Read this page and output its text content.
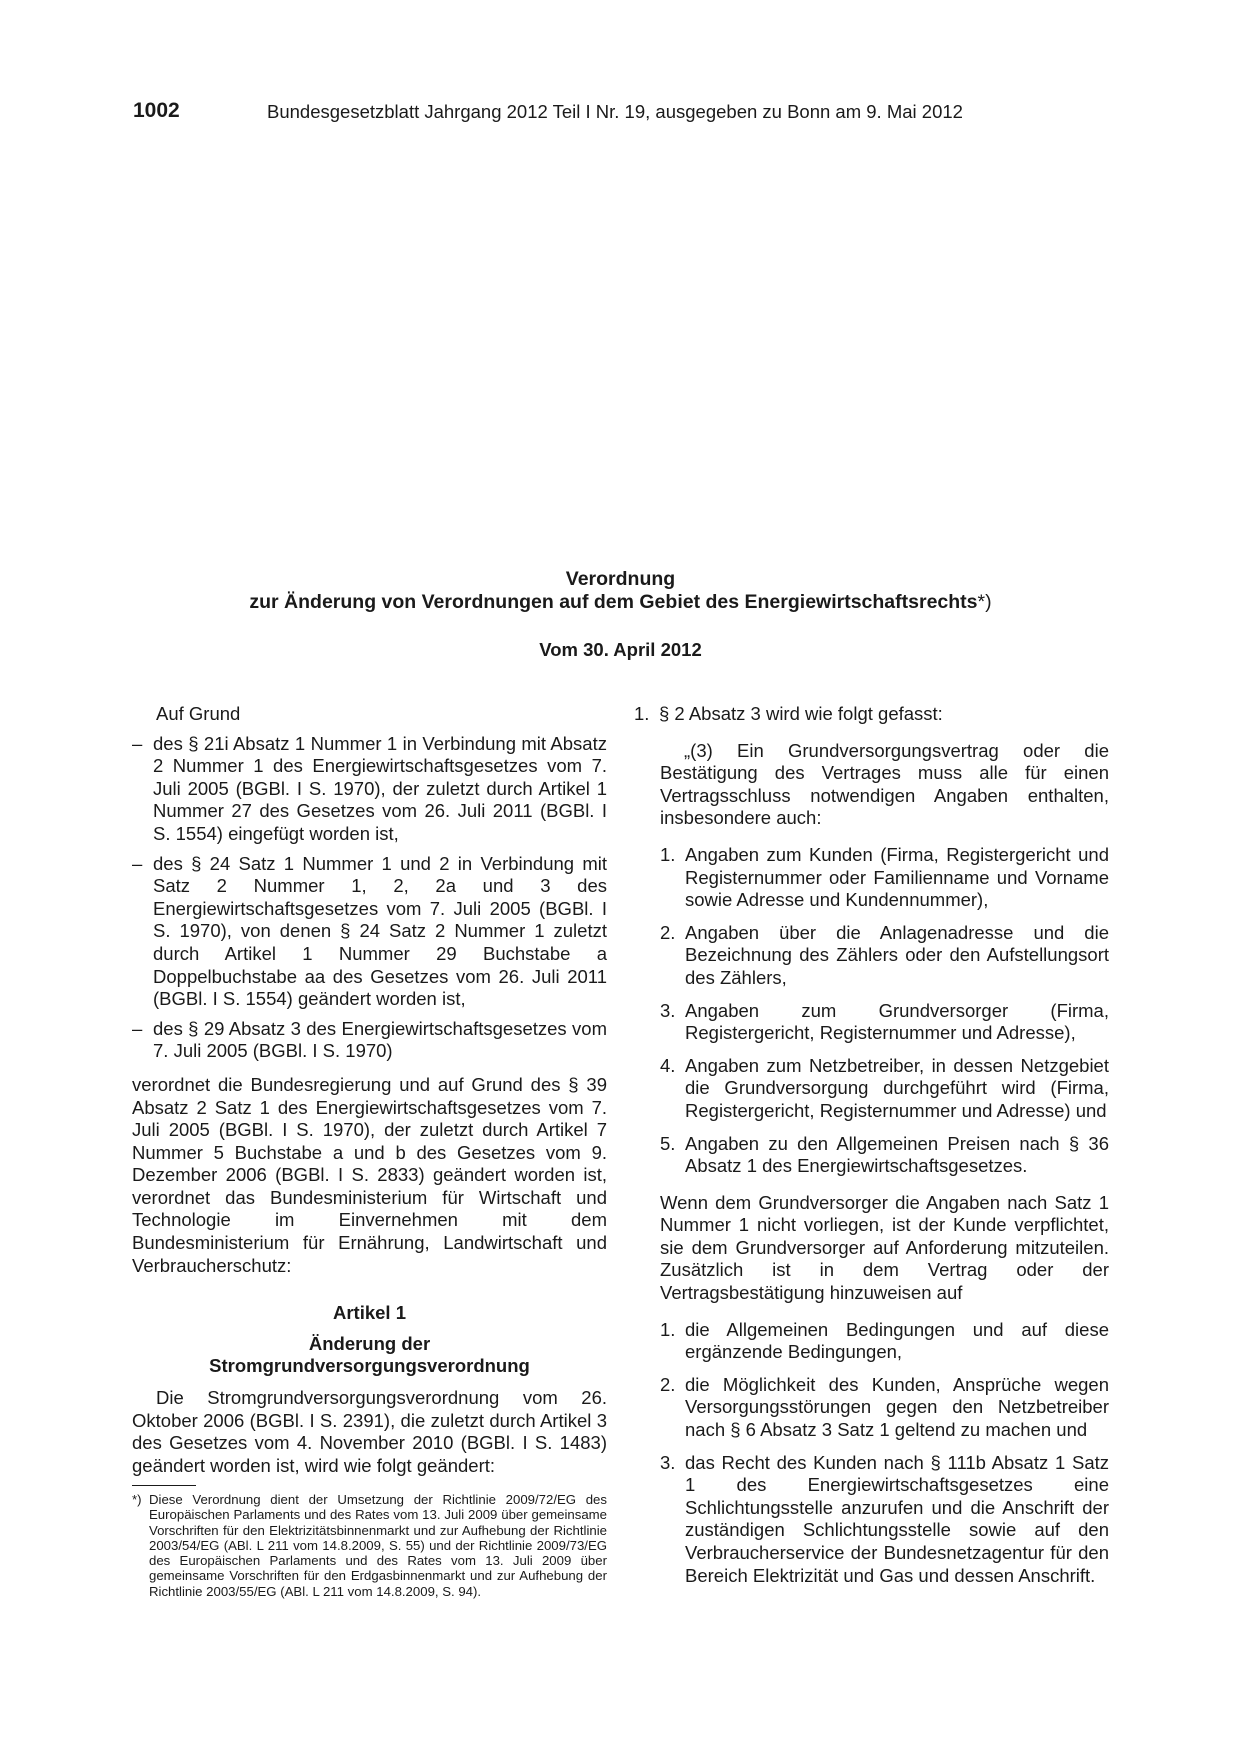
1002	Bundesgesetzblatt Jahrgang 2012 Teil I Nr. 19, ausgegeben zu Bonn am 9. Mai 2012
Verordnung
zur Änderung von Verordnungen auf dem Gebiet des Energiewirtschaftsrechts*)
Vom 30. April 2012

Auf Grund

– des § 21i Absatz 1 Nummer 1 in Verbindung mit Absatz 2 Nummer 1 des Energiewirtschaftsgesetzes vom 7. Juli 2005 (BGBl. I S. 1970), der zuletzt durch Artikel 1 Nummer 27 des Gesetzes vom 26. Juli 2011 (BGBl. I S. 1554) eingefügt worden ist,
– des § 24 Satz 1 Nummer 1 und 2 in Verbindung mit Satz 2 Nummer 1, 2, 2a und 3 des Energiewirtschaftsgesetzes vom 7. Juli 2005 (BGBl. I S. 1970), von denen § 24 Satz 2 Nummer 1 zuletzt durch Artikel 1 Nummer 29 Buchstabe a Doppelbuchstabe aa des Gesetzes vom 26. Juli 2011 (BGBl. I S. 1554) geändert worden ist,
– des § 29 Absatz 3 des Energiewirtschaftsgesetzes vom 7. Juli 2005 (BGBl. I S. 1970)

verordnet die Bundesregierung und auf Grund des § 39 Absatz 2 Satz 1 des Energiewirtschaftsgesetzes vom 7. Juli 2005 (BGBl. I S. 1970), der zuletzt durch Artikel 7 Nummer 5 Buchstabe a und b des Gesetzes vom 9. Dezember 2006 (BGBl. I S. 2833) geändert worden ist, verordnet das Bundesministerium für Wirtschaft und Technologie im Einvernehmen mit dem Bundesministerium für Ernährung, Landwirtschaft und Verbraucherschutz:

Artikel 1
Änderung der
Stromgrundversorgungsverordnung

Die Stromgrundversorgungsverordnung vom 26. Oktober 2006 (BGBl. I S. 2391), die zuletzt durch Artikel 3 des Gesetzes vom 4. November 2010 (BGBl. I S. 1483) geändert worden ist, wird wie folgt geändert:

*) Diese Verordnung dient der Umsetzung der Richtlinie 2009/72/EG des Europäischen Parlaments und des Rates vom 13. Juli 2009 über gemeinsame Vorschriften für den Elektrizitätsbinnenmarkt und zur Aufhebung der Richtlinie 2003/54/EG (ABl. L 211 vom 14.8.2009, S. 55) und der Richtlinie 2009/73/EG des Europäischen Parlaments und des Rates vom 13. Juli 2009 über gemeinsame Vorschriften für den Erdgasbinnenmarkt und zur Aufhebung der Richtlinie 2003/55/EG (ABl. L 211 vom 14.8.2009, S. 94).
1. § 2 Absatz 3 wird wie folgt gefasst:

„(3) Ein Grundversorgungsvertrag oder die Bestätigung des Vertrages muss alle für einen Vertragsschluss notwendigen Angaben enthalten, insbesondere auch:

1. Angaben zum Kunden (Firma, Registergericht und Registernummer oder Familienname und Vorname sowie Adresse und Kundennummer),
2. Angaben über die Anlagenadresse und die Bezeichnung des Zählers oder den Aufstellungsort des Zählers,
3. Angaben zum Grundversorger (Firma, Registergericht, Registernummer und Adresse),
4. Angaben zum Netzbetreiber, in dessen Netzgebiet die Grundversorgung durchgeführt wird (Firma, Registergericht, Registernummer und Adresse) und
5. Angaben zu den Allgemeinen Preisen nach § 36 Absatz 1 des Energiewirtschaftsgesetzes.

Wenn dem Grundversorger die Angaben nach Satz 1 Nummer 1 nicht vorliegen, ist der Kunde verpflichtet, sie dem Grundversorger auf Anforderung mitzuteilen. Zusätzlich ist in dem Vertrag oder der Vertragsbestätigung hinzuweisen auf

1. die Allgemeinen Bedingungen und auf diese ergänzende Bedingungen,
2. die Möglichkeit des Kunden, Ansprüche wegen Versorgungsstörungen gegen den Netzbetreiber nach § 6 Absatz 3 Satz 1 geltend zu machen und
3. das Recht des Kunden nach § 111b Absatz 1 Satz 1 des Energiewirtschaftsgesetzes eine Schlichtungsstelle anzurufen und die Anschrift der zuständigen Schlichtungsstelle sowie auf den Verbraucherservice der Bundesnetzagentur für den Bereich Elektrizität und Gas und dessen Anschrift.
